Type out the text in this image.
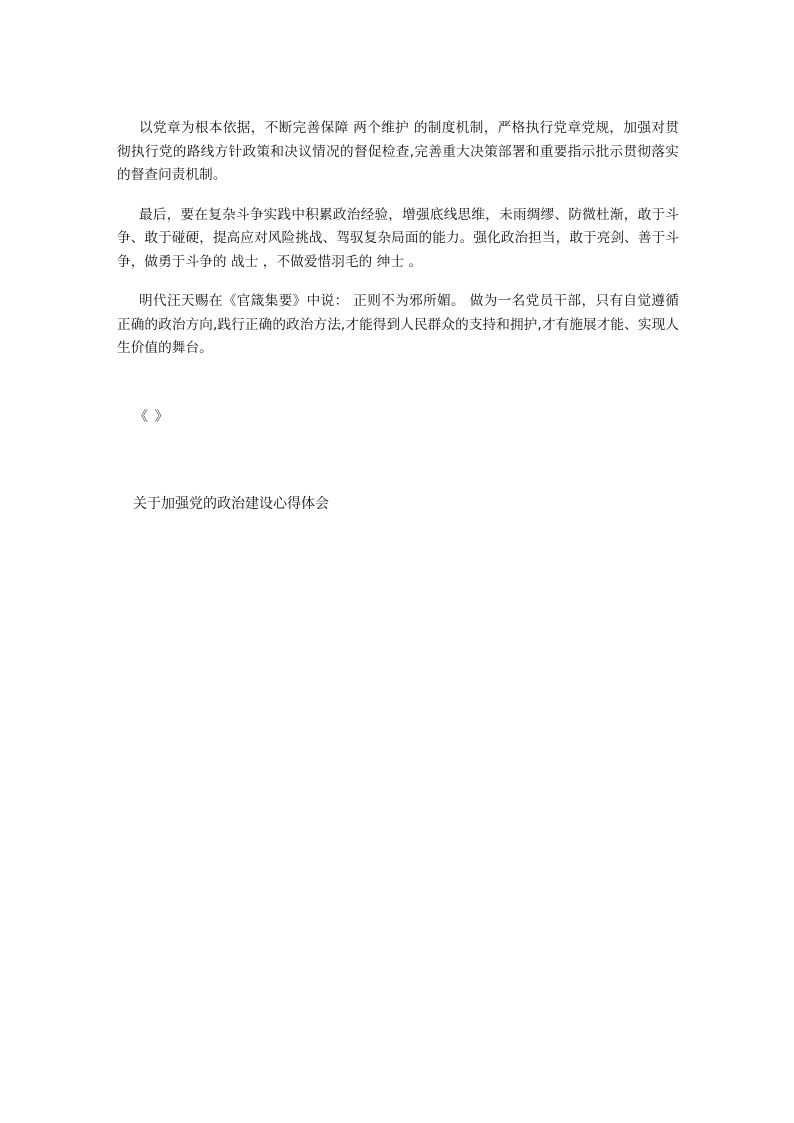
以党章为根本依据，不断完善保障 两个维护 的制度机制，严格执行党章党规，加强对贯彻执行党的路线方针政策和决议情况的督促检查,完善重大决策部署和重要指示批示贯彻落实的督查问责机制。

最后，要在复杂斗争实践中积累政治经验，增强底线思维，未雨绸缪、防微杜渐，敢于斗争、敢于碰硬，提高应对风险挑战、驾驭复杂局面的能力。强化政治担当，敢于亮剑、善于斗争，做勇于斗争的 战士 ，不做爱惜羽毛的 绅士 。

明代汪天赐在《官箴集要》中说： 正则不为邪所媚。 做为一名党员干部，只有自觉遵循正确的政治方向,践行正确的政治方法,才能得到人民群众的支持和拥护,才有施展才能、实现人生价值的舞台。

《 》
关于加强党的政治建设心得体会
